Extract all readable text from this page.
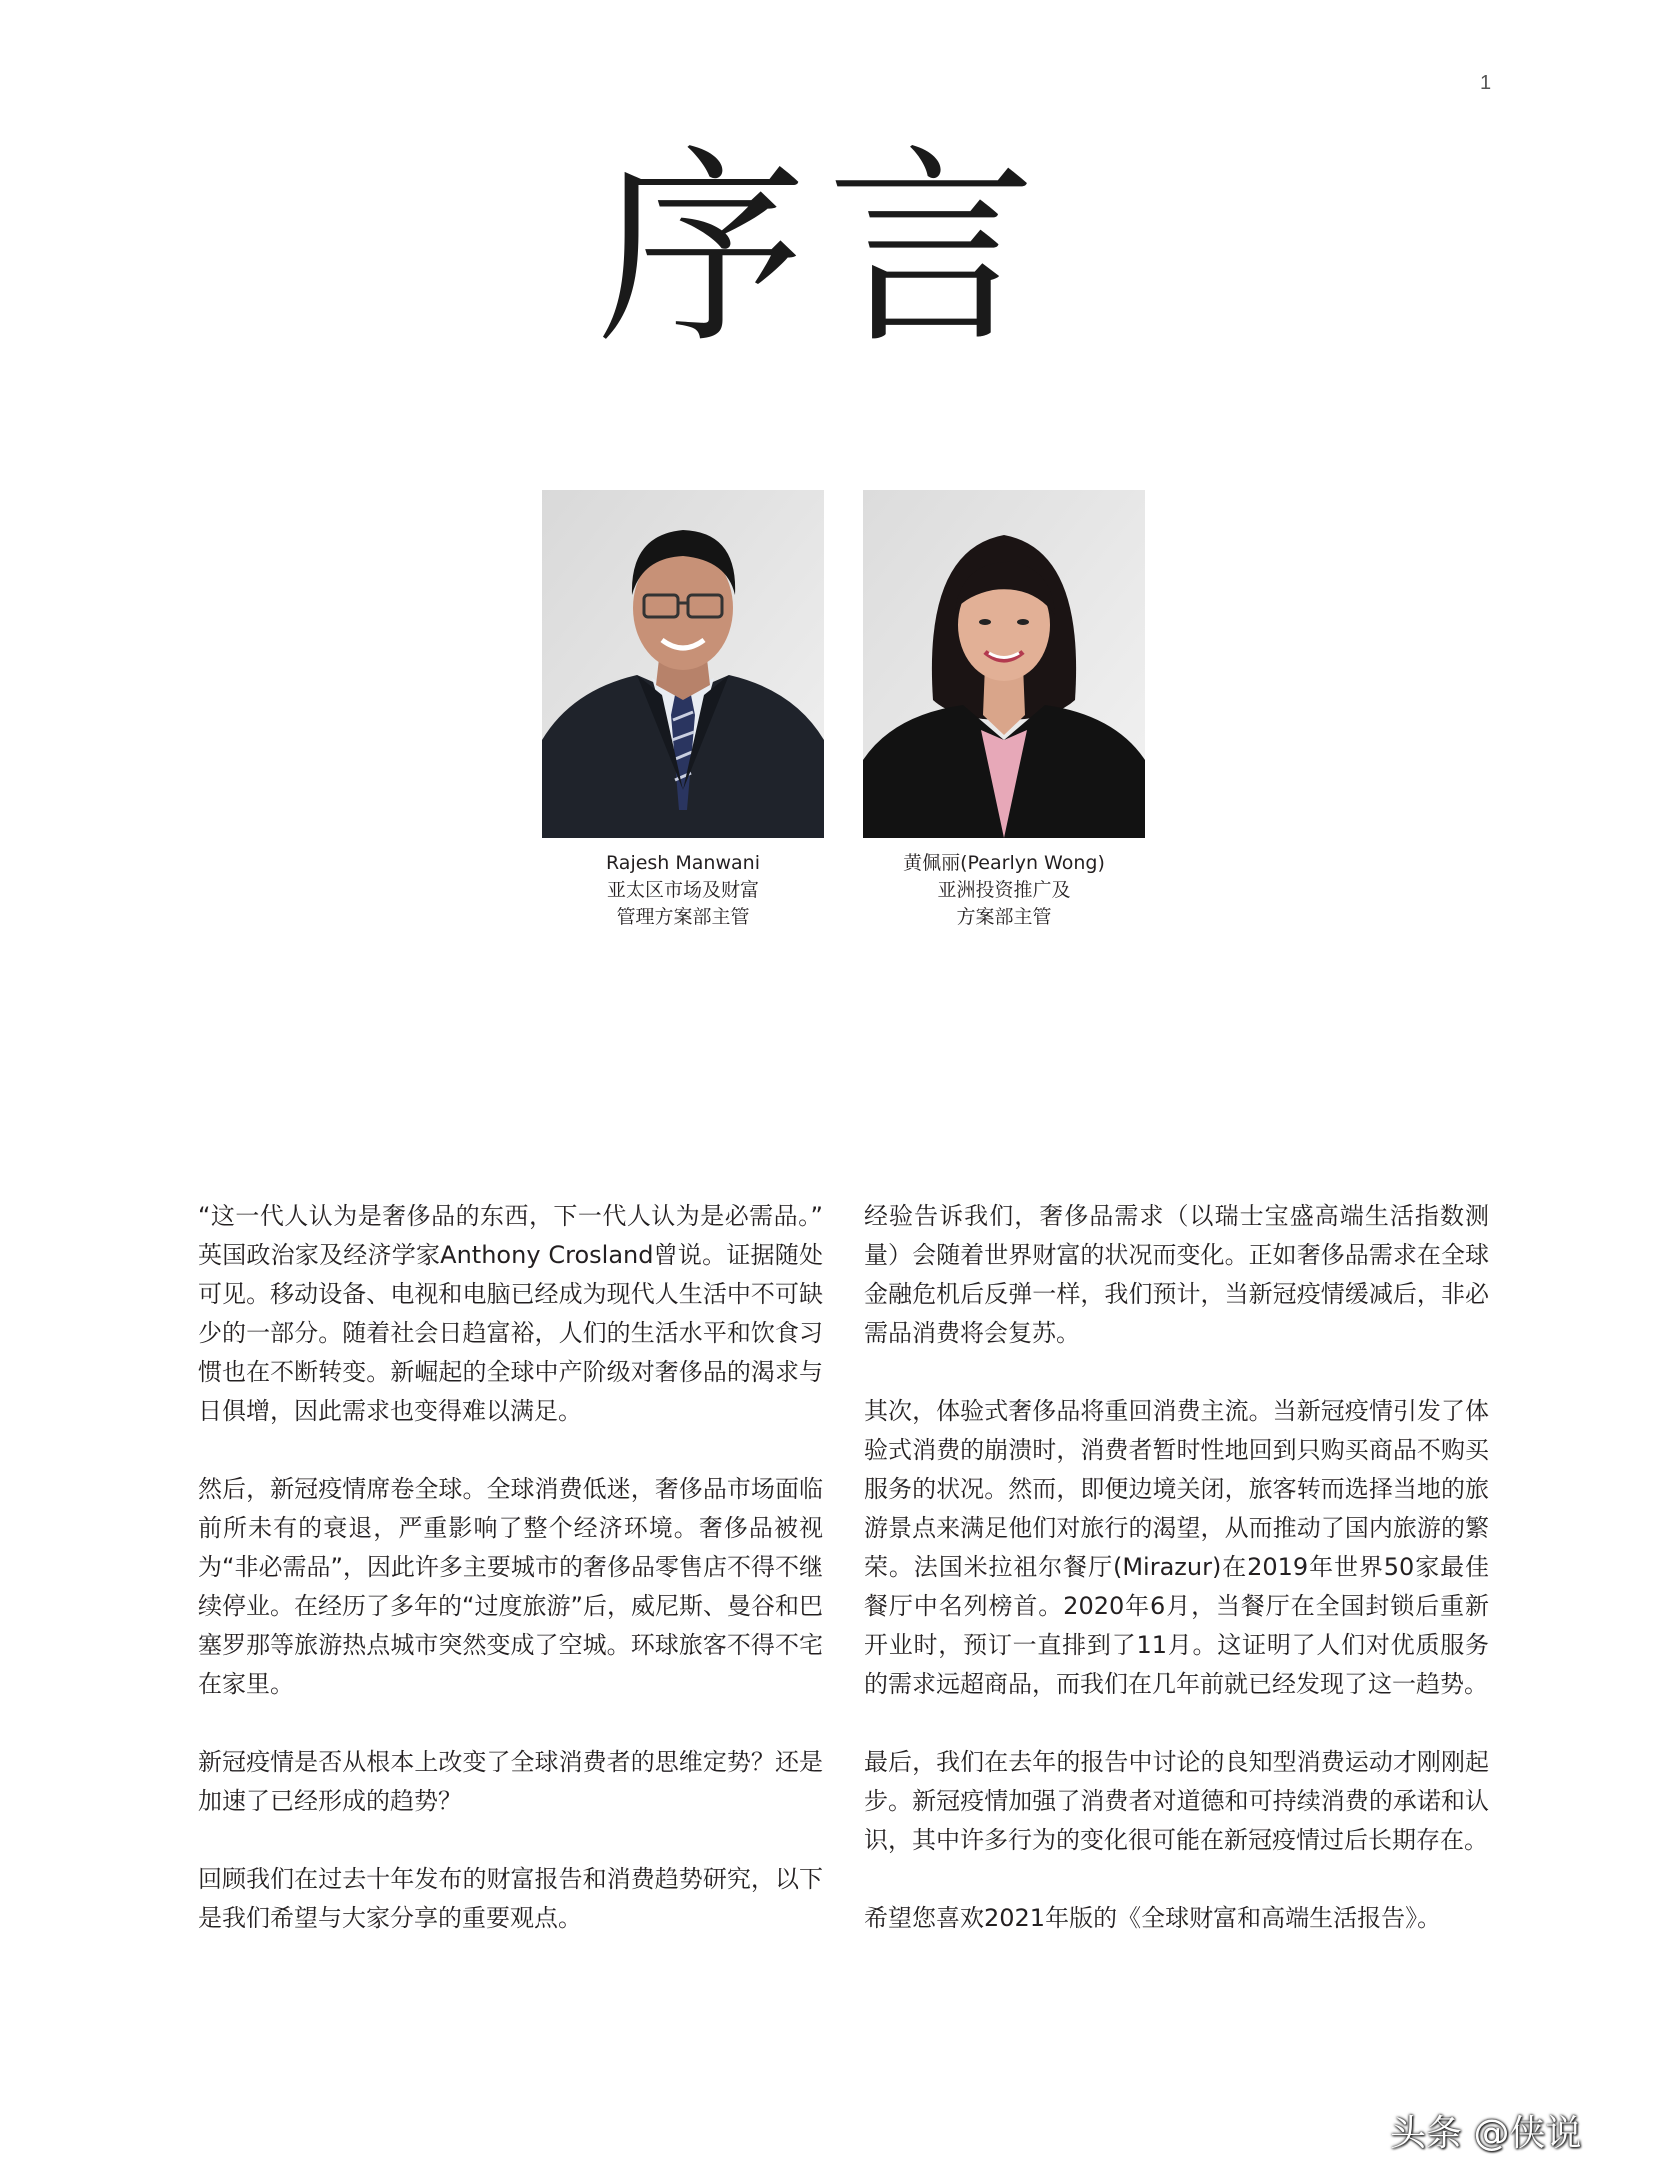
1
序言
Rajesh Manwani
亚太区市场及财富
管理方案部主管
黄佩丽(Pearlyn Wong)
亚洲投资推广及
方案部主管

“这一代人认为是奢侈品的东西，下一代人认为是必需品。” 英国政治家及经济学家Anthony Crosland曾说。证据随处可见。移动设备、电视和电脑已经成为现代人生活中不可缺少的一部分。随着社会日趋富裕，人们的生活水平和饮食习惯也在不断转变。新崛起的全球中产阶级对奢侈品的渴求与日俱增，因此需求也变得难以满足。

然后，新冠疫情席卷全球。全球消费低迷，奢侈品市场面临前所未有的衰退，严重影响了整个经济环境。奢侈品被视为“非必需品”，因此许多主要城市的奢侈品零售店不得不继续停业。在经历了多年的“过度旅游”后，威尼斯、曼谷和巴塞罗那等旅游热点城市突然变成了空城。环球旅客不得不宅在家里。

新冠疫情是否从根本上改变了全球消费者的思维定势？还是加速了已经形成的趋势？

回顾我们在过去十年发布的财富报告和消费趋势研究，以下是我们希望与大家分享的重要观点。

经验告诉我们，奢侈品需求（以瑞士宝盛高端生活指数测量）会随着世界财富的状况而变化。正如奢侈品需求在全球金融危机后反弹一样，我们预计，当新冠疫情缓减后，非必需品消费将会复苏。

其次，体验式奢侈品将重回消费主流。当新冠疫情引发了体验式消费的崩溃时，消费者暂时性地回到只购买商品不购买服务的状况。然而，即便边境关闭，旅客转而选择当地的旅游景点来满足他们对旅行的渴望，从而推动了国内旅游的繁荣。法国米拉祖尔餐厅(Mirazur)在2019年世界50家最佳餐厅中名列榜首。2020年6月，当餐厅在全国封锁后重新开业时，预订一直排到了11月。这证明了人们对优质服务的需求远超商品，而我们在几年前就已经发现了这一趋势。

最后，我们在去年的报告中讨论的良知型消费运动才刚刚起步。新冠疫情加强了消费者对道德和可持续消费的承诺和认识，其中许多行为的变化很可能在新冠疫情过后长期存在。

希望您喜欢2021年版的《全球财富和高端生活报告》。

头条 @侠说
